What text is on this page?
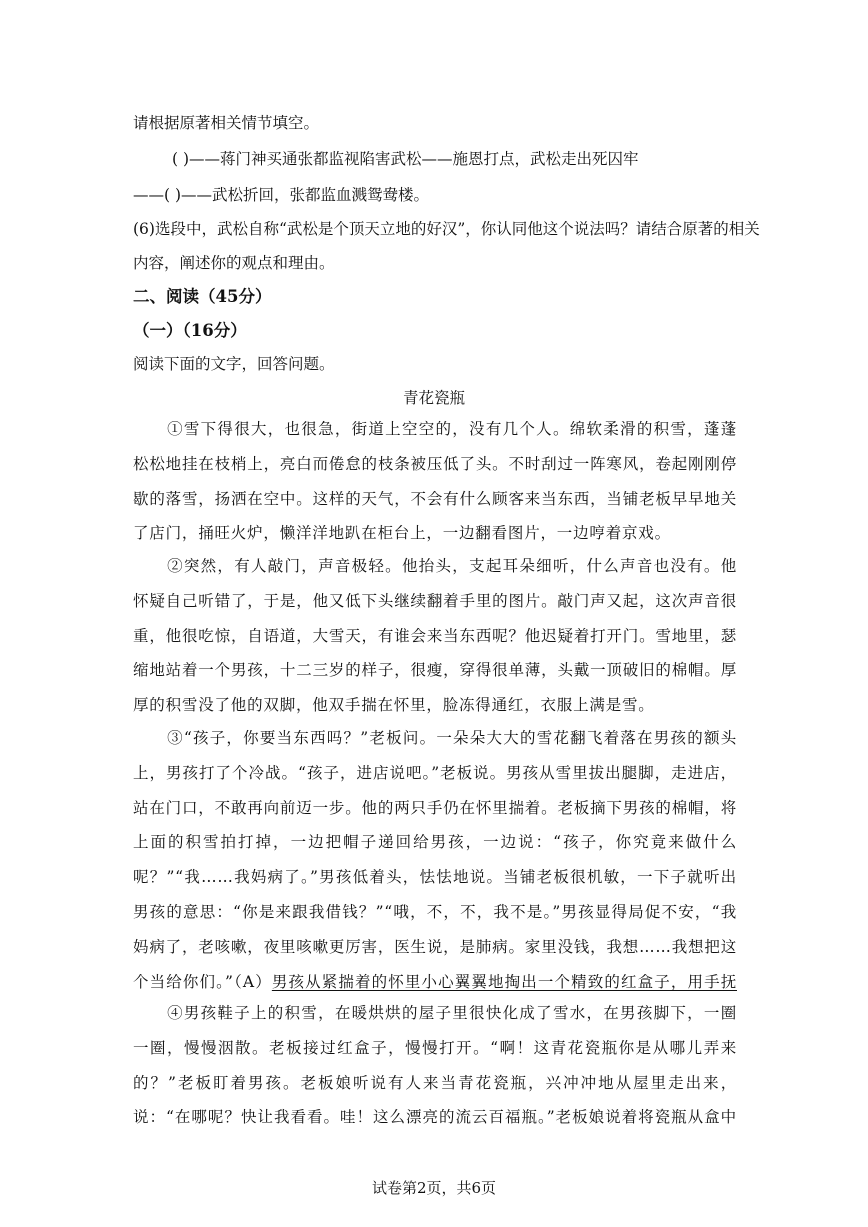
请根据原著相关情节填空。
( )——蒋门神买通张都监视陷害武松——施恩打点，武松走出死囚牢
——( )——武松折回，张都监血溅鸳鸯楼。
(6)选段中，武松自称“武松是个顶天立地的好汉”，你认同他这个说法吗？请结合原著的相关
内容，阐述你的观点和理由。
二、阅读（45分）
（一）（16分）
阅读下面的文字，回答问题。
青花瓷瓶

①雪下得很大，也很急，街道上空空的，没有几个人。绵软柔滑的积雪，蓬蓬松松地挂在枝梢上，亮白而倦怠的枝条被压低了头。不时刮过一阵寒风，卷起刚刚停歇的落雪，扬洒在空中。这样的天气，不会有什么顾客来当东西，当铺老板早早地关了店门，捅旺火炉，懒洋洋地趴在柜台上，一边翻看图片，一边哼着京戏。

②突然，有人敲门，声音极轻。他抬头，支起耳朵细听，什么声音也没有。他怀疑自己听错了，于是，他又低下头继续翻着手里的图片。敲门声又起，这次声音很重，他很吃惊，自语道，大雪天，有谁会来当东西呢？他迟疑着打开门。雪地里，瑟缩地站着一个男孩，十二三岁的样子，很瘦，穿得很单薄，头戴一顶破旧的棉帽。厚厚的积雪没了他的双脚，他双手揣在怀里，脸冻得通红，衣服上满是雪。

③“孩子，你要当东西吗？”老板问。一朵朵大大的雪花翻飞着落在男孩的额头上，男孩打了个冷战。“孩子，进店说吧。”老板说。男孩从雪里拔出腿脚，走进店，站在门口，不敢再向前迈一步。他的两只手仍在怀里揣着。老板摘下男孩的棉帽，将上面的积雪拍打掉，一边把帽子递回给男孩，一边说：“孩子，你究竟来做什么呢？”“我……我妈病了。”男孩低着头，怯怯地说。当铺老板很机敏，一下子就听出男孩的意思：“你是来跟我借钱？”“哦，不，不，我不是。”男孩显得局促不安，“我妈病了，老咳嗽，夜里咳嗽更厉害，医生说，是肺病。家里没钱，我想……我想把这个当给你们。”（A）男孩从紧揣着的怀里小心翼翼地掏出一个精致的红盒子，用手抚

④男孩鞋子上的积雪，在暖烘烘的屋子里很快化成了雪水，在男孩脚下，一圈一圈，慢慢洇散。老板接过红盒子，慢慢打开。“啊！这青花瓷瓶你是从哪儿弄来的？”老板盯着男孩。老板娘听说有人来当青花瓷瓶，兴冲冲地从屋里走出来，说：“在哪呢？快让我看看。哇！这么漂亮的流云百福瓶。”老板娘说着将瓷瓶从盒中

试卷第2页，共6页
